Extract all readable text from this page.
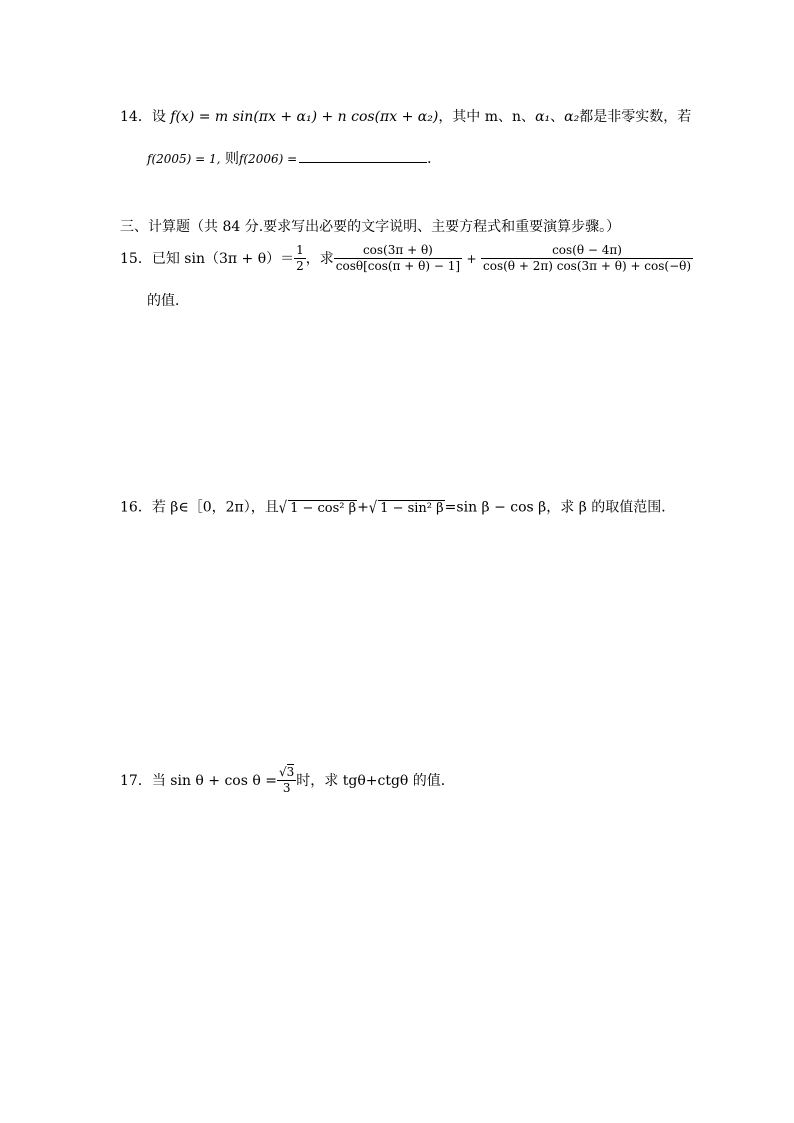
14．设 f(x) = m sin(πx + α₁) + n cos(πx + α₂)，其中 m、n、α₁、α₂都是非零实数，若
f(2005) = 1, 则f(2006) =	．
三、计算题（共 84 分.要求写出必要的文字说明、主要方程式和重要演算步骤。）
15．已知 $\sin(3\pi + \theta)= \frac{1}{2}$ ，求 $\frac{\cos(3\pi + \theta)}{\cos\theta[\cos(\pi + \theta) - 1]} + \frac{\cos(\theta - 4\pi)}{\cos(\theta + 2\pi) \cos(3\pi + \theta) + \cos(-\theta)}$
的值．
16．若 β∈［0，2π），且√ 1 − cos² β+√ 1 − sin² β=sin β − cos β，求 β 的取值范围．
17．当 $\sin \theta + \cos \theta = \frac{√3}{3}$ 时，求 tgθ+ctgθ 的值．
